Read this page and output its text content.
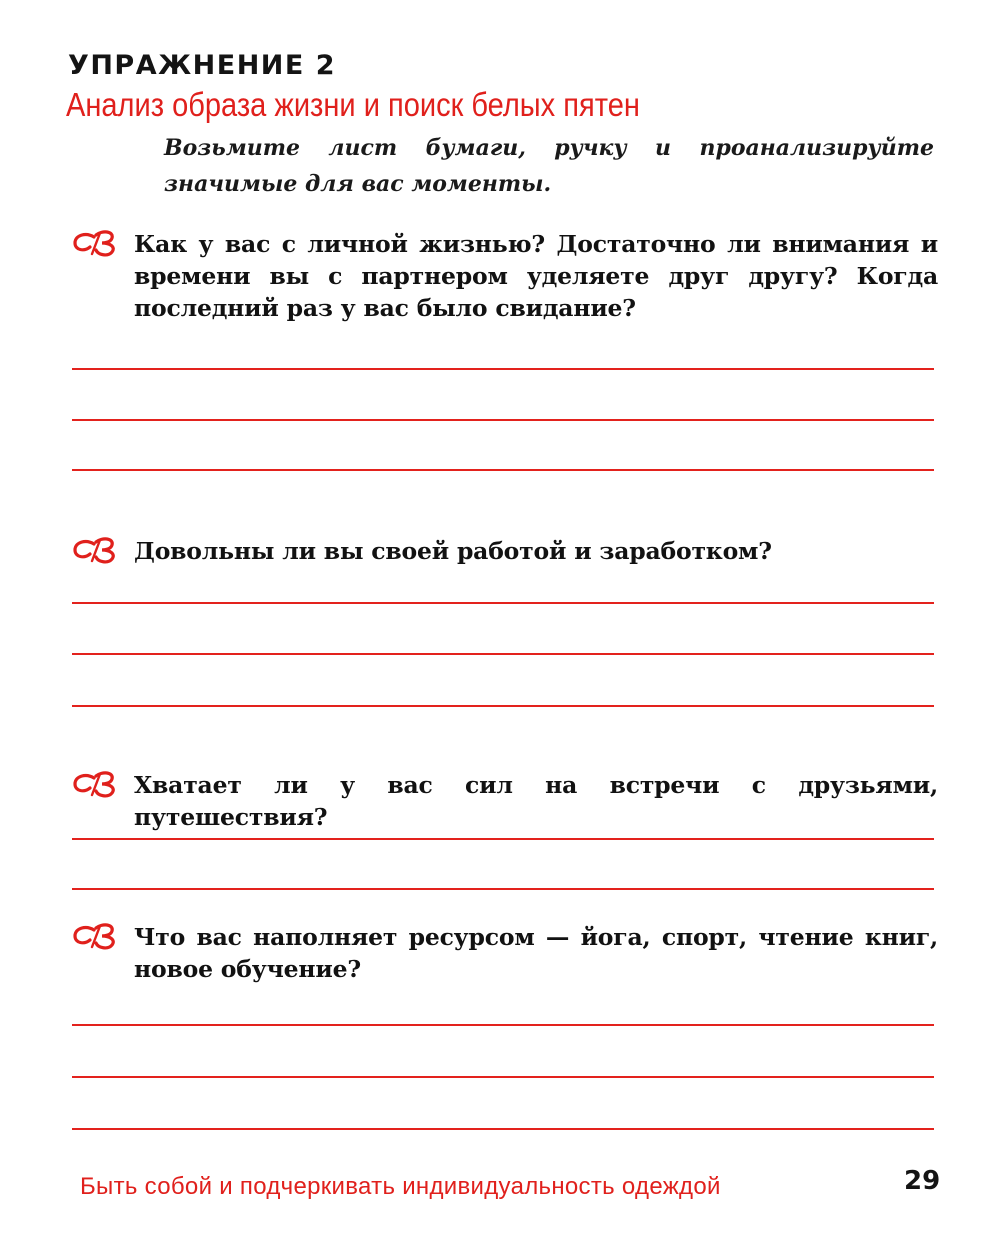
УПРАЖНЕНИЕ 2
Анализ образа жизни и поиск белых пятен
Возьмите лист бумаги, ручку и проанализируйте значимые для вас моменты.
Как у вас с личной жизнью? Достаточно ли внимания и времени вы с партнером уделяете друг другу? Когда последний раз у вас было свидание?
Довольны ли вы своей работой и заработком?
Хватает ли у вас сил на встречи с друзьями, путешествия?
Что вас наполняет ресурсом — йога, спорт, чтение книг, новое обучение?
Быть собой и подчеркивать индивидуальность одеждой	29
